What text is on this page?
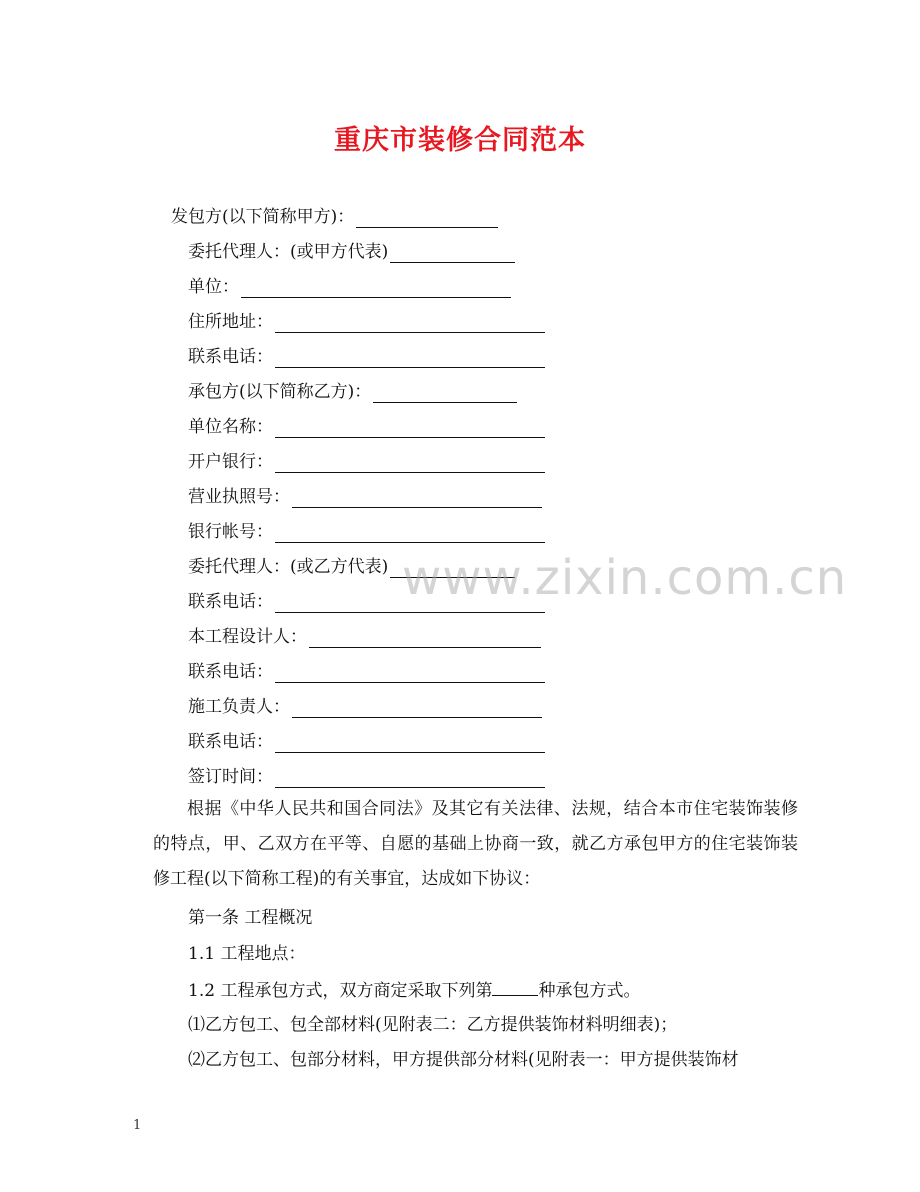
重庆市装修合同范本
发包方(以下简称甲方)：
委托代理人：(或甲方代表)
单位：
住所地址：
联系电话：
承包方(以下简称乙方)：
单位名称：
开户银行：
营业执照号：
银行帐号：
委托代理人：(或乙方代表)
联系电话：
本工程设计人：
联系电话：
施工负责人：
联系电话：
签订时间：

根据《中华人民共和国合同法》及其它有关法律、法规，结合本市住宅装饰装修的特点，甲、乙双方在平等、自愿的基础上协商一致，就乙方承包甲方的住宅装饰装修工程(以下简称工程)的有关事宜，达成如下协议：

第一条 工程概况
1.1 工程地点：
1.2 工程承包方式，双方商定采取下列第	种承包方式。
⑴乙方包工、包全部材料(见附表二：乙方提供装饰材料明细表)；
⑵乙方包工、包部分材料，甲方提供部分材料(见附表一：甲方提供装饰材
www.zixin.com.cn
1
